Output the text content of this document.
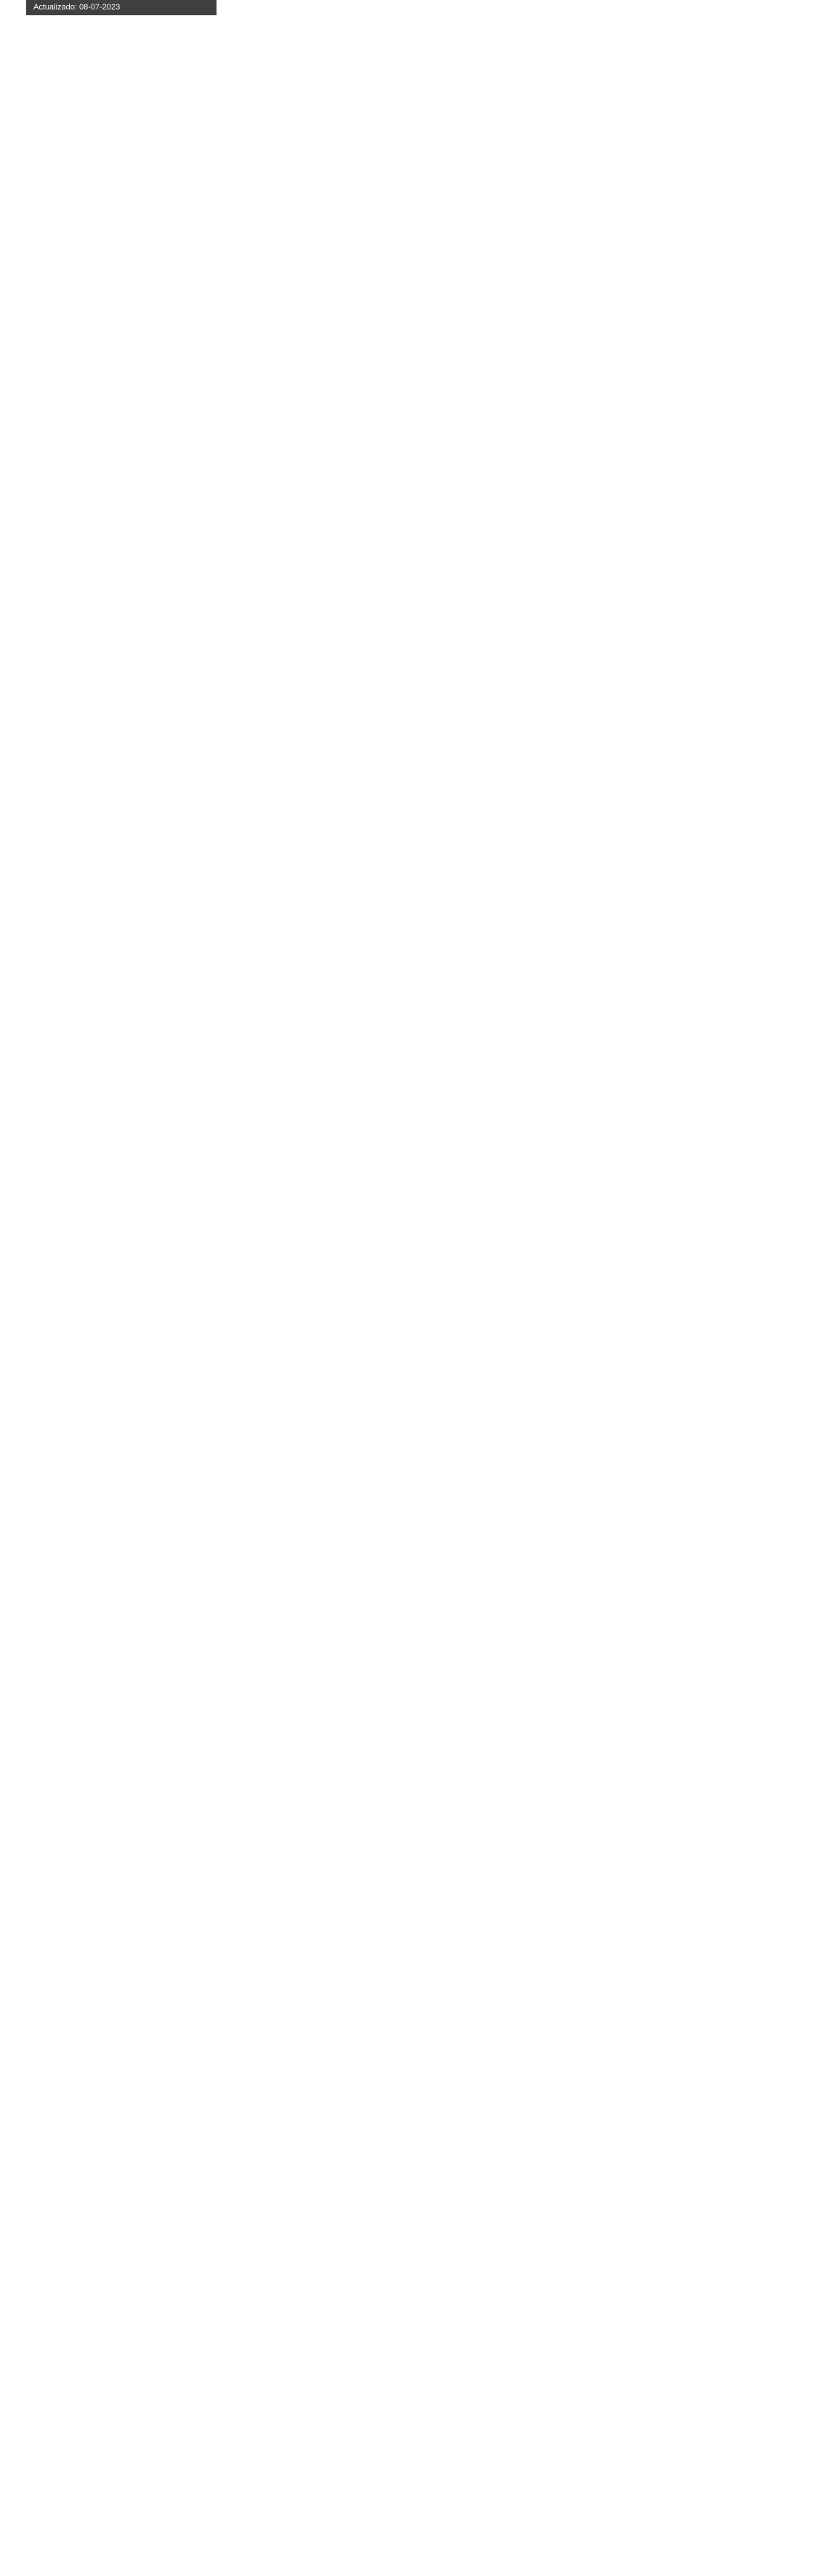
Actualizado: 08-07-2023
